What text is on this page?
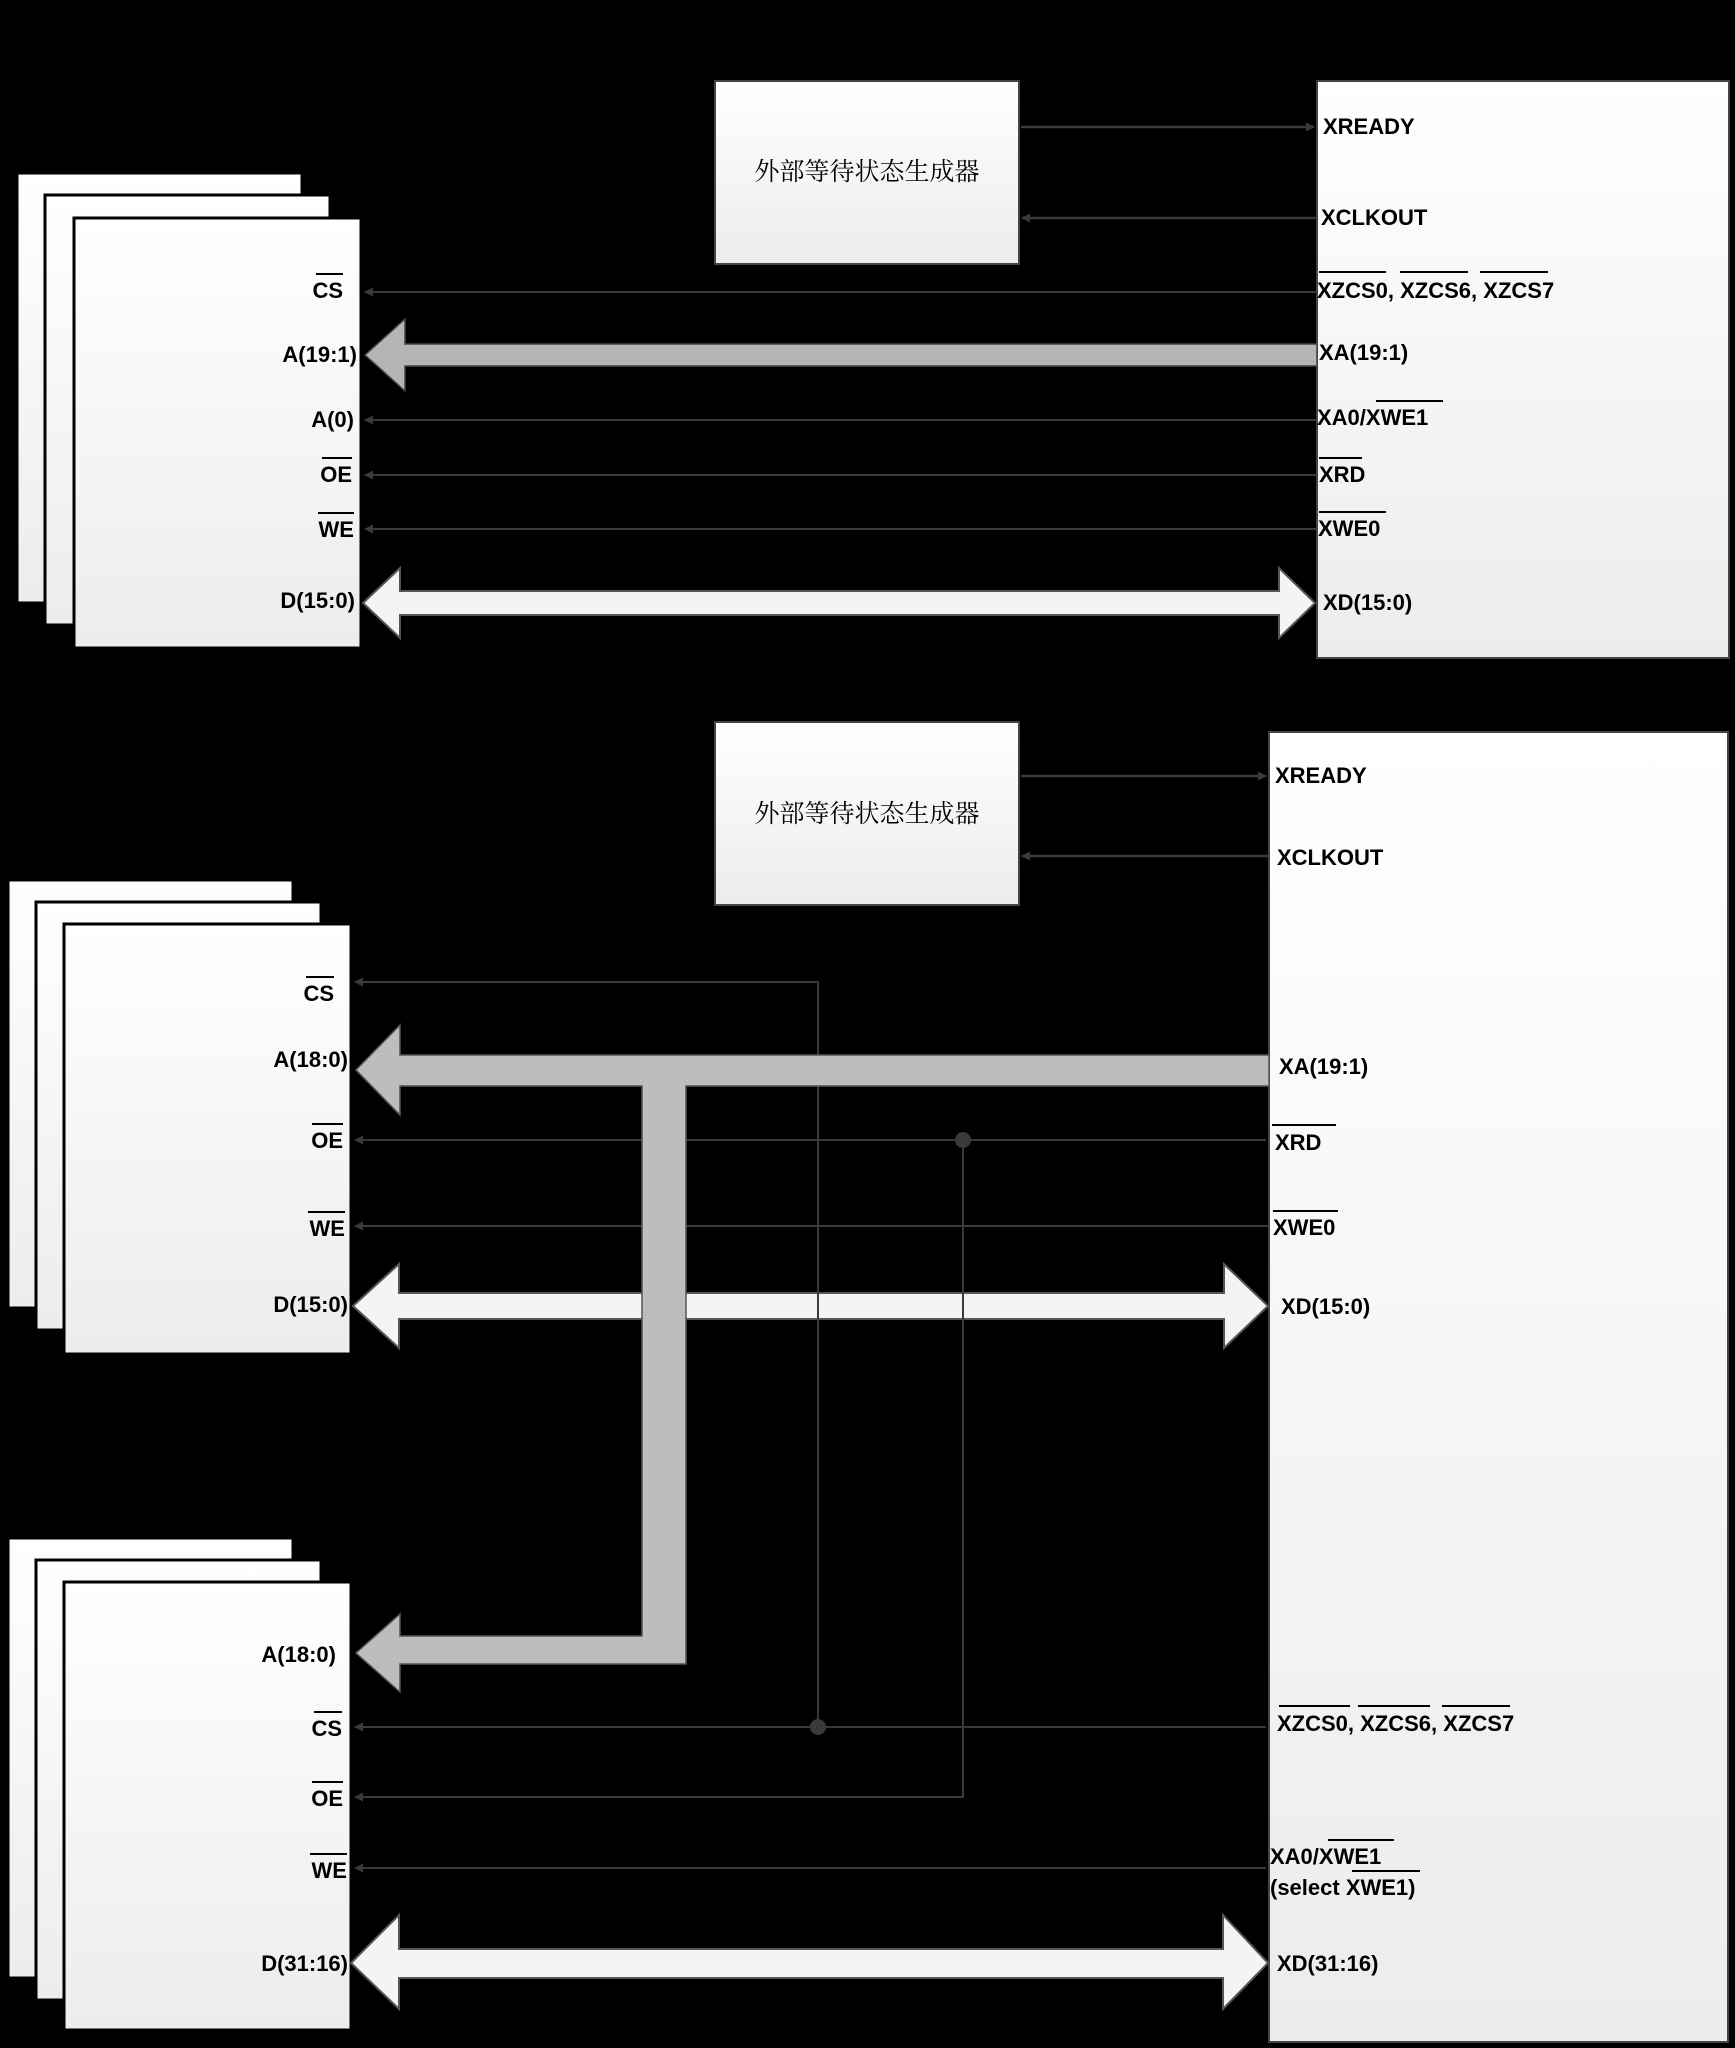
外部等待状态生成器
XREADY
XCLKOUT
XZCS0, XZCS6, XZCS7
XA(19:1)
XA0/XWE1
XRD
XWE0
XD(15:0)
CS
A(19:1)
A(0)
OE
WE
D(15:0)
外部等待状态生成器
XREADY
XCLKOUT
XA(19:1)
XRD
XWE0
XD(15:0)
XZCS0, XZCS6, XZCS7
XA0/XWE1
(select XWE1)
XD(31:16)
CS
A(18:0)
OE
WE
D(15:0)
A(18:0)
CS
OE
WE
D(31:16)
